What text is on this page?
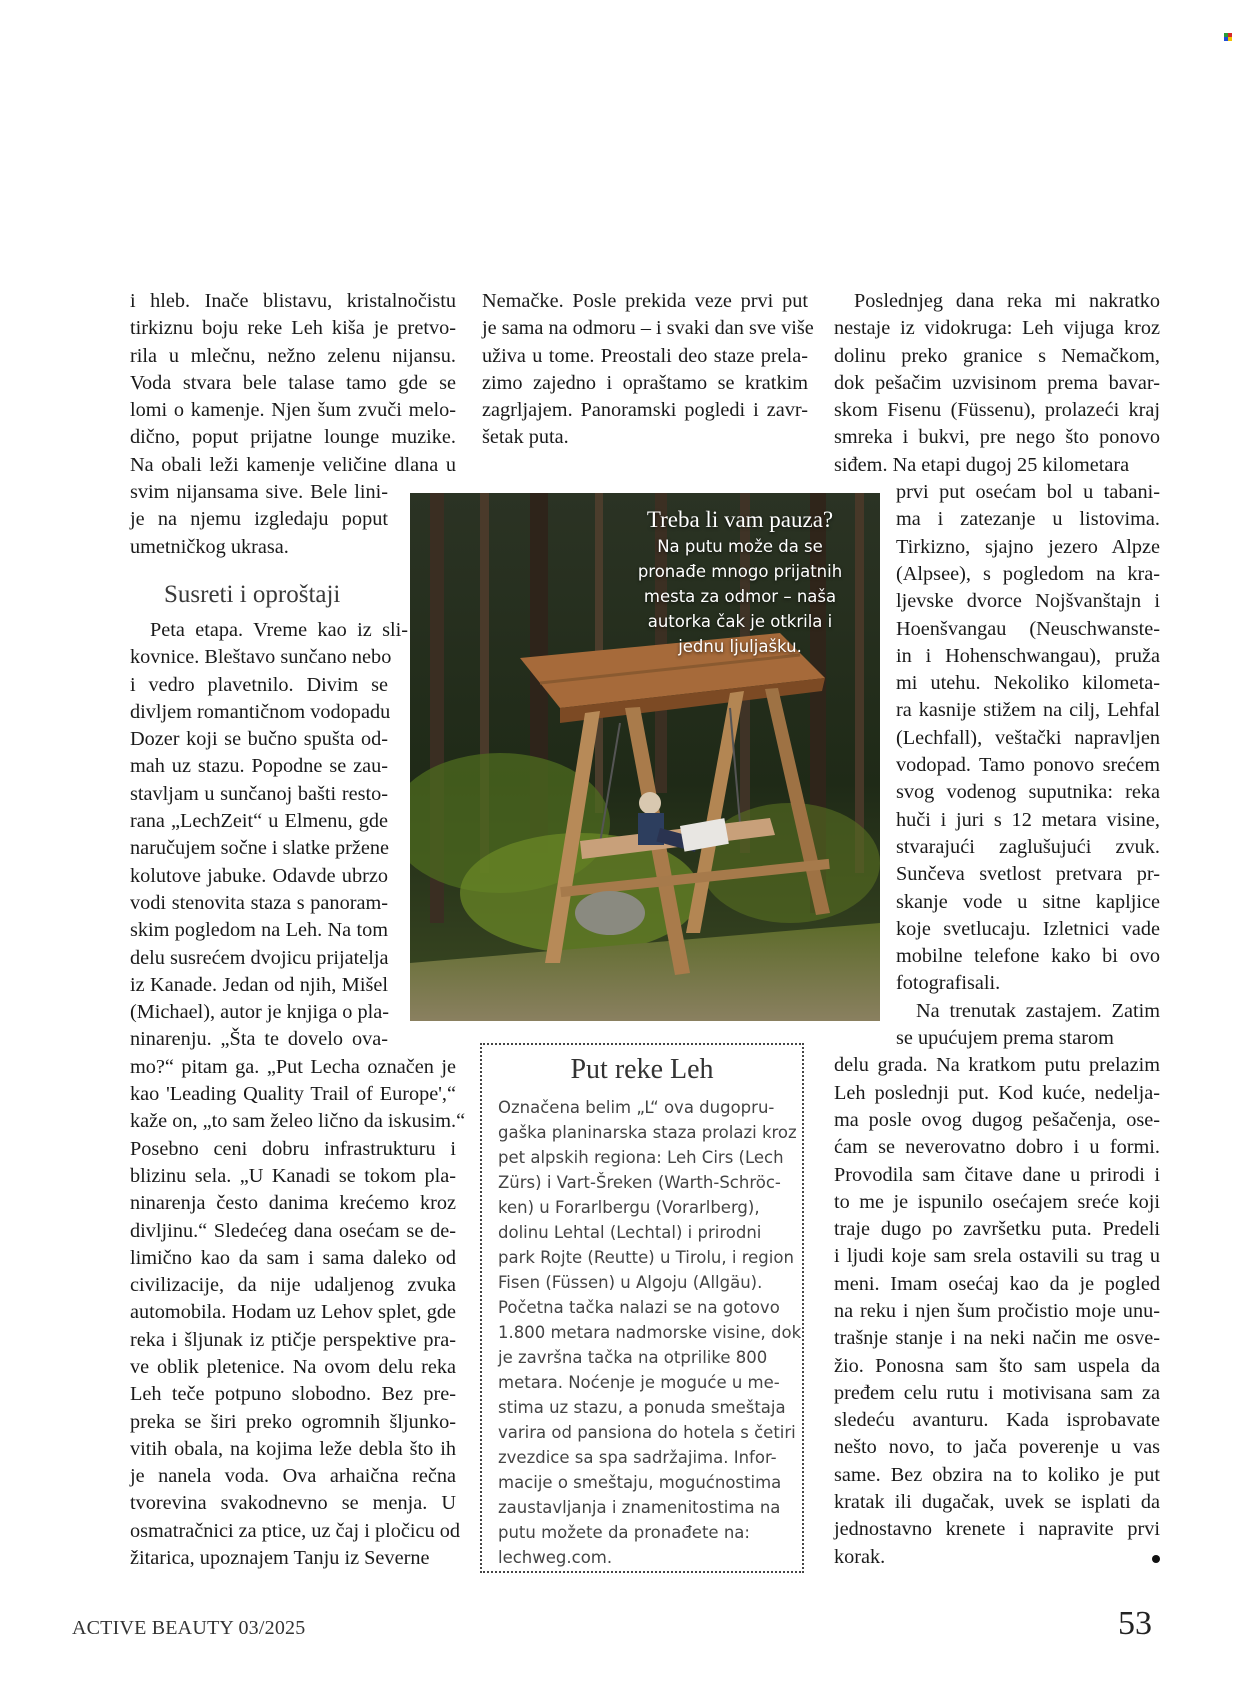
i hleb. Inače blistavu, kristalnočistu
tirkiznu boju reke Leh kiša je pretvo-
rila u mlečnu, nežno zelenu nijansu.
Voda stvara bele talase tamo gde se
lomi o kamenje. Njen šum zvuči melo-
dično, poput prijatne lounge muzike.
Na obali leži kamenje veličine dlana u
svim nijansama sive. Bele lini-
je na njemu izgledaju poput
umetničkog ukrasa.

Susreti i oproštaji

Peta etapa. Vreme kao iz sli-
kovnice. Bleštavo sunčano nebo
i vedro plavetnilo. Divim se
divljem romantičnom vodopadu
Dozer koji se bučno spušta od-
mah uz stazu. Popodne se zau-
stavljam u sunčanoj bašti resto-
rana „LechZeit“ u Elmenu, gde
naručujem sočne i slatke pržene
kolutove jabuke. Odavde ubrzo
vodi stenovita staza s panoram-
skim pogledom na Leh. Na tom
delu susrećem dvojicu prijatelja
iz Kanade. Jedan od njih, Mišel
(Michael), autor je knjiga o pla-
ninarenju. „Šta te dovelo ova-
mo?“ pitam ga. „Put Lecha označen je
kao 'Leading Quality Trail of Europe',“
kaže on, „to sam želeo lično da iskusim.“
Posebno ceni dobru infrastrukturu i
blizinu sela. „U Kanadi se tokom pla-
ninarenja često danima krećemo kroz
divljinu.“ Sledećeg dana osećam se de-
limično kao da sam i sama daleko od
civilizacije, da nije udaljenog zvuka
automobila. Hodam uz Lehov splet, gde
reka i šljunak iz ptičje perspektive pra-
ve oblik pletenice. Na ovom delu reka
Leh teče potpuno slobodno. Bez pre-
preka se širi preko ogromnih šljunko-
vitih obala, na kojima leže debla što ih
je nanela voda. Ova arhaična rečna
tvorevina svakodnevno se menja. U
osmatračnici za ptice, uz čaj i pločicu od
žitarica, upoznajem Tanju iz Severne
Nemačke. Posle prekida veze prvi put
je sama na odmoru – i svaki dan sve više
uživa u tome. Preostali deo staze prela-
zimo zajedno i opraštamo se kratkim
zagrljajem. Panoramski pogledi i zavr-
šetak puta.
Treba li vam pauza?
Na putu može da se
pronađe mnogo prijatnih
mesta za odmor – naša
autorka čak je otkrila i
jednu ljuljašku.
Put reke Leh
Označena belim „L“ ova dugopru-
gaška planinarska staza prolazi kroz
pet alpskih regiona: Leh Cirs (Lech
Zürs) i Vart-Šreken (Warth-Schröc-
ken) u Forarlbergu (Vorarlberg),
dolinu Lehtal (Lechtal) i prirodni
park Rojte (Reutte) u Tirolu, i region
Fisen (Füssen) u Algoju (Allgäu).
Početna tačka nalazi se na gotovo
1.800 metara nadmorske visine, dok
je završna tačka na otprilike 800
metara. Noćenje je moguće u me-
stima uz stazu, a ponuda smeštaja
varira od pansiona do hotela s četiri
zvezdice sa spa sadržajima. Infor-
macije o smeštaju, mogućnostima
zaustavljanja i znamenitostima na
putu možete da pronađete na:
lechweg.com.
Poslednjeg dana reka mi nakratko
nestaje iz vidokruga: Leh vijuga kroz
dolinu preko granice s Nemačkom,
dok pešačim uzvisinom prema bavar-
skom Fisenu (Füssenu), prolazeći kraj
smreka i bukvi, pre nego što ponovo
siđem. Na etapi dugoj 25 kilometara
prvi put osećam bol u tabani-
ma i zatezanje u listovima.
Tirkizno, sjajno jezero Alpze
(Alpsee), s pogledom na kra-
ljevske dvorce Nojšvanštajn i
Hoenšvangau (Neuschwanste-
in i Hohenschwangau), pruža
mi utehu. Nekoliko kilometa-
ra kasnije stižem na cilj, Lehfal
(Lechfall), veštački napravljen
vodopad. Tamo ponovo srećem
svog vodenog suputnika: reka
huči i juri s 12 metara visine,
stvarajući zaglušujući zvuk.
Sunčeva svetlost pretvara pr-
skanje vode u sitne kapljice
koje svetlucaju. Izletnici vade
mobilne telefone kako bi ovo
fotografisali.
Na trenutak zastajem. Zatim
se upućujem prema starom
delu grada. Na kratkom putu prelazim
Leh poslednji put. Kod kuće, nedelja-
ma posle ovog dugog pešačenja, ose-
ćam se neverovatno dobro i u formi.
Provodila sam čitave dane u prirodi i
to me je ispunilo osećajem sreće koji
traje dugo po završetku puta. Predeli
i ljudi koje sam srela ostavili su trag u
meni. Imam osećaj kao da je pogled
na reku i njen šum pročistio moje unu-
trašnje stanje i na neki način me osve-
žio. Ponosna sam što sam uspela da
pređem celu rutu i motivisana sam za
sledeću avanturu. Kada isprobavate
nešto novo, to jača poverenje u vas
same. Bez obzira na to koliko je put
kratak ili dugačak, uvek se isplati da
jednostavno krenete i napravite prvi
korak.
ACTIVE BEAUTY 03/2025	53
